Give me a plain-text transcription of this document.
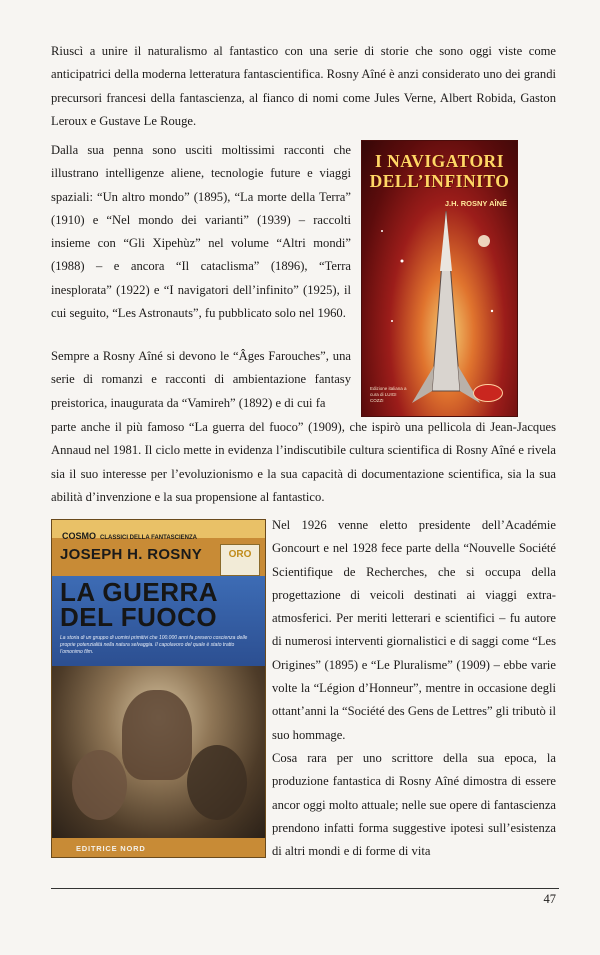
Riuscì a unire il naturalismo al fantastico con una serie di storie che sono oggi viste come anticipatrici della moderna letteratura fantascientifica. Rosny Aîné è anzi considerato uno dei grandi precursori francesi della fantascienza, al fianco di nomi come Jules Verne, Albert Robida, Gaston Leroux e Gustave Le Rouge.

Dalla sua penna sono usciti moltissimi racconti che illustrano intelligenze aliene, tecnologie future e viaggi spaziali: “Un altro mondo” (1895), “La morte della Terra” (1910) e “Nel mondo dei varianti” (1939) – raccolti insieme con “Gli Xipehùz” nel volume “Altri mondi” (1988) – e ancora “Il cataclisma” (1896), “Terra inesplorata” (1922) e “I navigatori dell’infinito” (1925), il cui seguito, “Les Astronauts”, fu pubblicato solo nel 1960.

I NAVIGATORI DELL’INFINITO
J.H. ROSNY AÎNÉ
Edizione italiana a cura di LUIGI COZZI

Sempre a Rosny Aîné si devono le “Âges Farouches”, una serie di romanzi e racconti di ambientazione fantasy preistorica, inaugurata da “Vamireh” (1892) e di cui fa

parte anche il più famoso “La guerra del fuoco” (1909), che ispirò una pellicola di Jean-Jacques Annaud nel 1981. Il ciclo mette in evidenza l’indiscutibile cultura scientifica di Rosny Aîné e rivela sia il suo interesse per l’evoluzionismo e la sua capacità di documentazione scientifica, sia la sua abilità d’invenzione e la sua propensione al fantastico.

COSMO CLASSICI DELLA FANTASCIENZA
JOSEPH H. ROSNY	ORO
LA GUERRA DEL FUOCO
La storia di un gruppo di uomini primitivi che 100.000 anni fa presero coscienza delle proprie potenzialità nella natura selvaggia. Il capolavoro del quale è stato tratto l’omonimo film.
EDITRICE NORD

Nel 1926 venne eletto presidente dell’Académie Goncourt e nel 1928 fece parte della “Nouvelle Société Scientifique de Recherches, che si occupa della progettazione di veicoli destinati ai viaggi extra-atmosferici. Per meriti letterari e scientifici – fu autore di numerosi interventi giornalistici e di saggi come “Les Origines” (1895) e “Le Pluralisme” (1909) – ebbe varie volte la “Légion d’Honneur”, mentre in occasione degli ottant’anni la “Société des Gens de Lettres” gli tributò il suo hommage.

Cosa rara per uno scrittore della sua epoca, la produzione fantastica di Rosny Aîné dimostra di essere ancor oggi molto attuale; nelle sue opere di fantascienza prendono infatti forma suggestive ipotesi sull’esistenza di altri mondi e di forme di vita

47
